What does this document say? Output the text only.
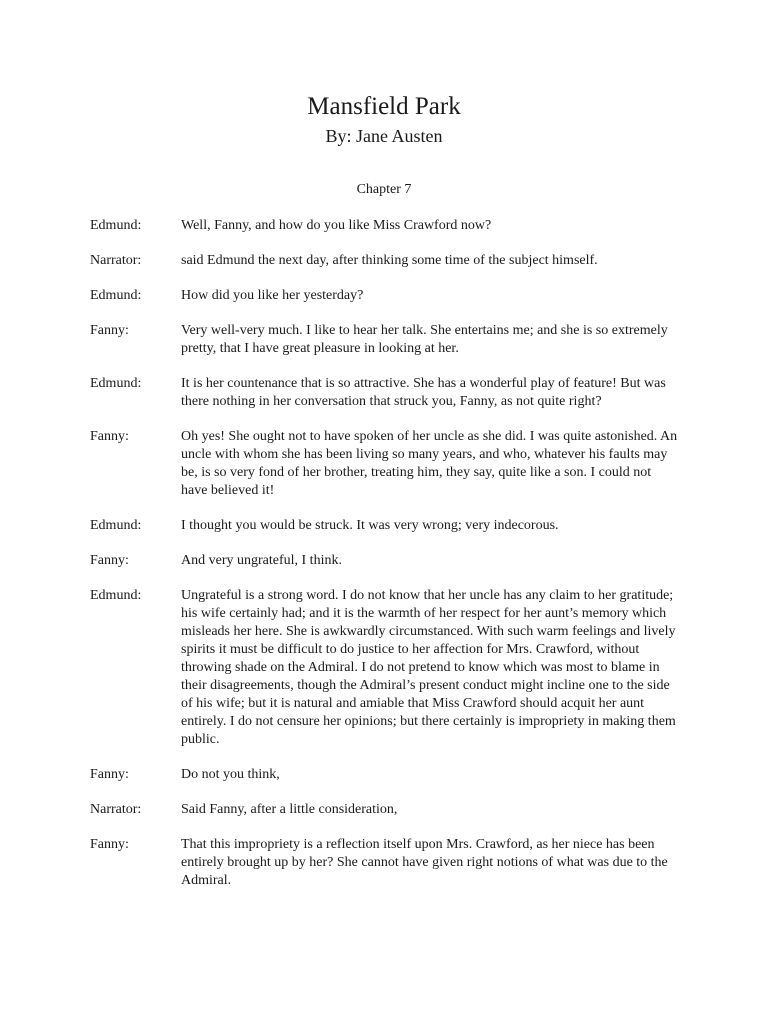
Mansfield Park
By: Jane Austen
Chapter 7
Edmund:	Well, Fanny, and how do you like Miss Crawford now?
Narrator:	said Edmund the next day, after thinking some time of the subject himself.
Edmund:	How did you like her yesterday?
Fanny:	Very well-very much. I like to hear her talk. She entertains me; and she is so extremely pretty, that I have great pleasure in looking at her.
Edmund:	It is her countenance that is so attractive. She has a wonderful play of feature! But was there nothing in her conversation that struck you, Fanny, as not quite right?
Fanny:	Oh yes! She ought not to have spoken of her uncle as she did. I was quite astonished. An uncle with whom she has been living so many years, and who, whatever his faults may be, is so very fond of her brother, treating him, they say, quite like a son. I could not have believed it!
Edmund:	I thought you would be struck. It was very wrong; very indecorous.
Fanny:	And very ungrateful, I think.
Edmund:	Ungrateful is a strong word. I do not know that her uncle has any claim to her gratitude; his wife certainly had; and it is the warmth of her respect for her aunt’s memory which misleads her here. She is awkwardly circumstanced. With such warm feelings and lively spirits it must be difficult to do justice to her affection for Mrs. Crawford, without throwing shade on the Admiral. I do not pretend to know which was most to blame in their disagreements, though the Admiral’s present conduct might incline one to the side of his wife; but it is natural and amiable that Miss Crawford should acquit her aunt entirely. I do not censure her opinions; but there certainly is impropriety in making them public.
Fanny:	Do not you think,
Narrator:	Said Fanny, after a little consideration,
Fanny:	That this impropriety is a reflection itself upon Mrs. Crawford, as her niece has been entirely brought up by her? She cannot have given right notions of what was due to the Admiral.
